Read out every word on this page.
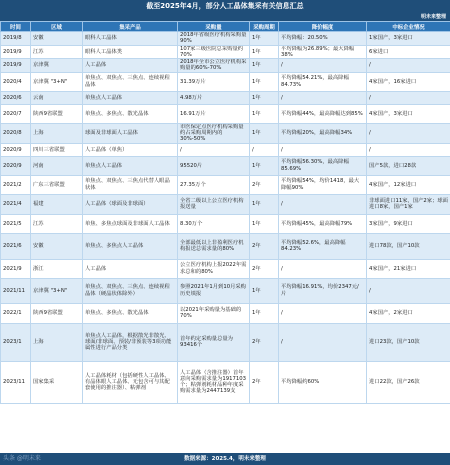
截至2025年4月，部分人工晶体集采有关信息汇总
明未来整理
时间	区域	集采产品	采购量	采购周期	降价幅度	中标企业情况
2019/8	安徽	眼科人工晶体	2018年省级医疗机构采购量90%	1年	平均降幅：20.50%	1家国产，3家进口
2019/9	江苏	眼科人工晶体类	107家三级医院总采购量约70%	1年	平均降幅为26.89%；最大降幅38%	6家进口
2019/9	京津冀	人工晶体	2018年全市公立医疗机构采购量的60%-70%	1年	/	/
2020/4	京津冀 "3+N"	单焦点、双焦点、三焦点、连续视程晶体	31.39万片	1年	平均降幅54.21%，最高降幅84.73%	4家国产，16家进口
2020/6	云南	单焦点人工晶体	4.98万片	1年	/	/
2020/7	陕西9省联盟	单焦点、多焦点、散光晶体	16.91万片	1年	平均降幅44%，最高降幅达到85%	4家国产，3家进口
2020/8	上海	球面及非球面人工晶体	市医保定点医疗机构采购量约占采购周期内的30%-50%	1年	平均降幅20%，最高降幅34%	/
2020/9	四川三省联盟	人工晶体（单焦）	/	/	/	/
2020/9	河南	单焦点人工晶体	95520片	1年	平均降幅56.30%，最高降幅85.69%	国产5款，进口28款
2021/2	广东三省联盟	单焦点、双焦点、三焦点代替人眼晶状体	27.35万个	2年	平均降幅54%，均价1418，最大降幅90%	4家国产，12家进口
2021/4	福建	人工晶体（球面及非球面）	全省二级以上公立医疗机构报送量	1年	/	非球面进口11家，国产2家；球面进口8家，国产1家
2021/5	江苏	单焦、多焦点球面及非球面人工晶体	8.30万个	1年	平均降幅45%，最高降幅79%	3家国产，9家进口
2021/6	安徽	单焦点、多焦点人工晶体	全部最低以上非盈利医疗机构报送总需求量的80%	2年	平均降幅52.6%，最高降幅84.23%	进口78款，国产10款
2021/9	浙江	人工晶体	公立医疗机构上报2022年需求总和的80%	2年	/	4家国产，21家进口
2021/11	京津冀 "3+N"	单焦点、双焦点、三焦点、连续视程晶体（硬晶状体除外）	参照2021年1月到10月采购历史填报	1年	平均降幅16.91%，均价2347元/片	/
2022/1	陕西9省联盟	单焦点、多焦点、散光晶体	以2021年采购量为基础的70%	1年	/	4家国产，2家进口
2023/1	上海	单焦点人工晶体，根据散光非散光、球面/非球面、预装/非预装等3项功能属性进行产品分类	首年约定采购量总量为93416个	2年	/	进口23款，国产10款
2023/11	国家集采	人工晶体耗材（包括硬性人工晶体、有晶体眼人工晶体、无包含可与其配套使用的推注器）、粘弹剂	人工晶体（含推注器）首年意向采购需求量为1917103个；粘弹剂耗材品种年度采购需求量为2447139支	2年	平均降幅约60%	进口22款，国产26款
数据来源：2025.4，明未来整理
头条 @明未来
